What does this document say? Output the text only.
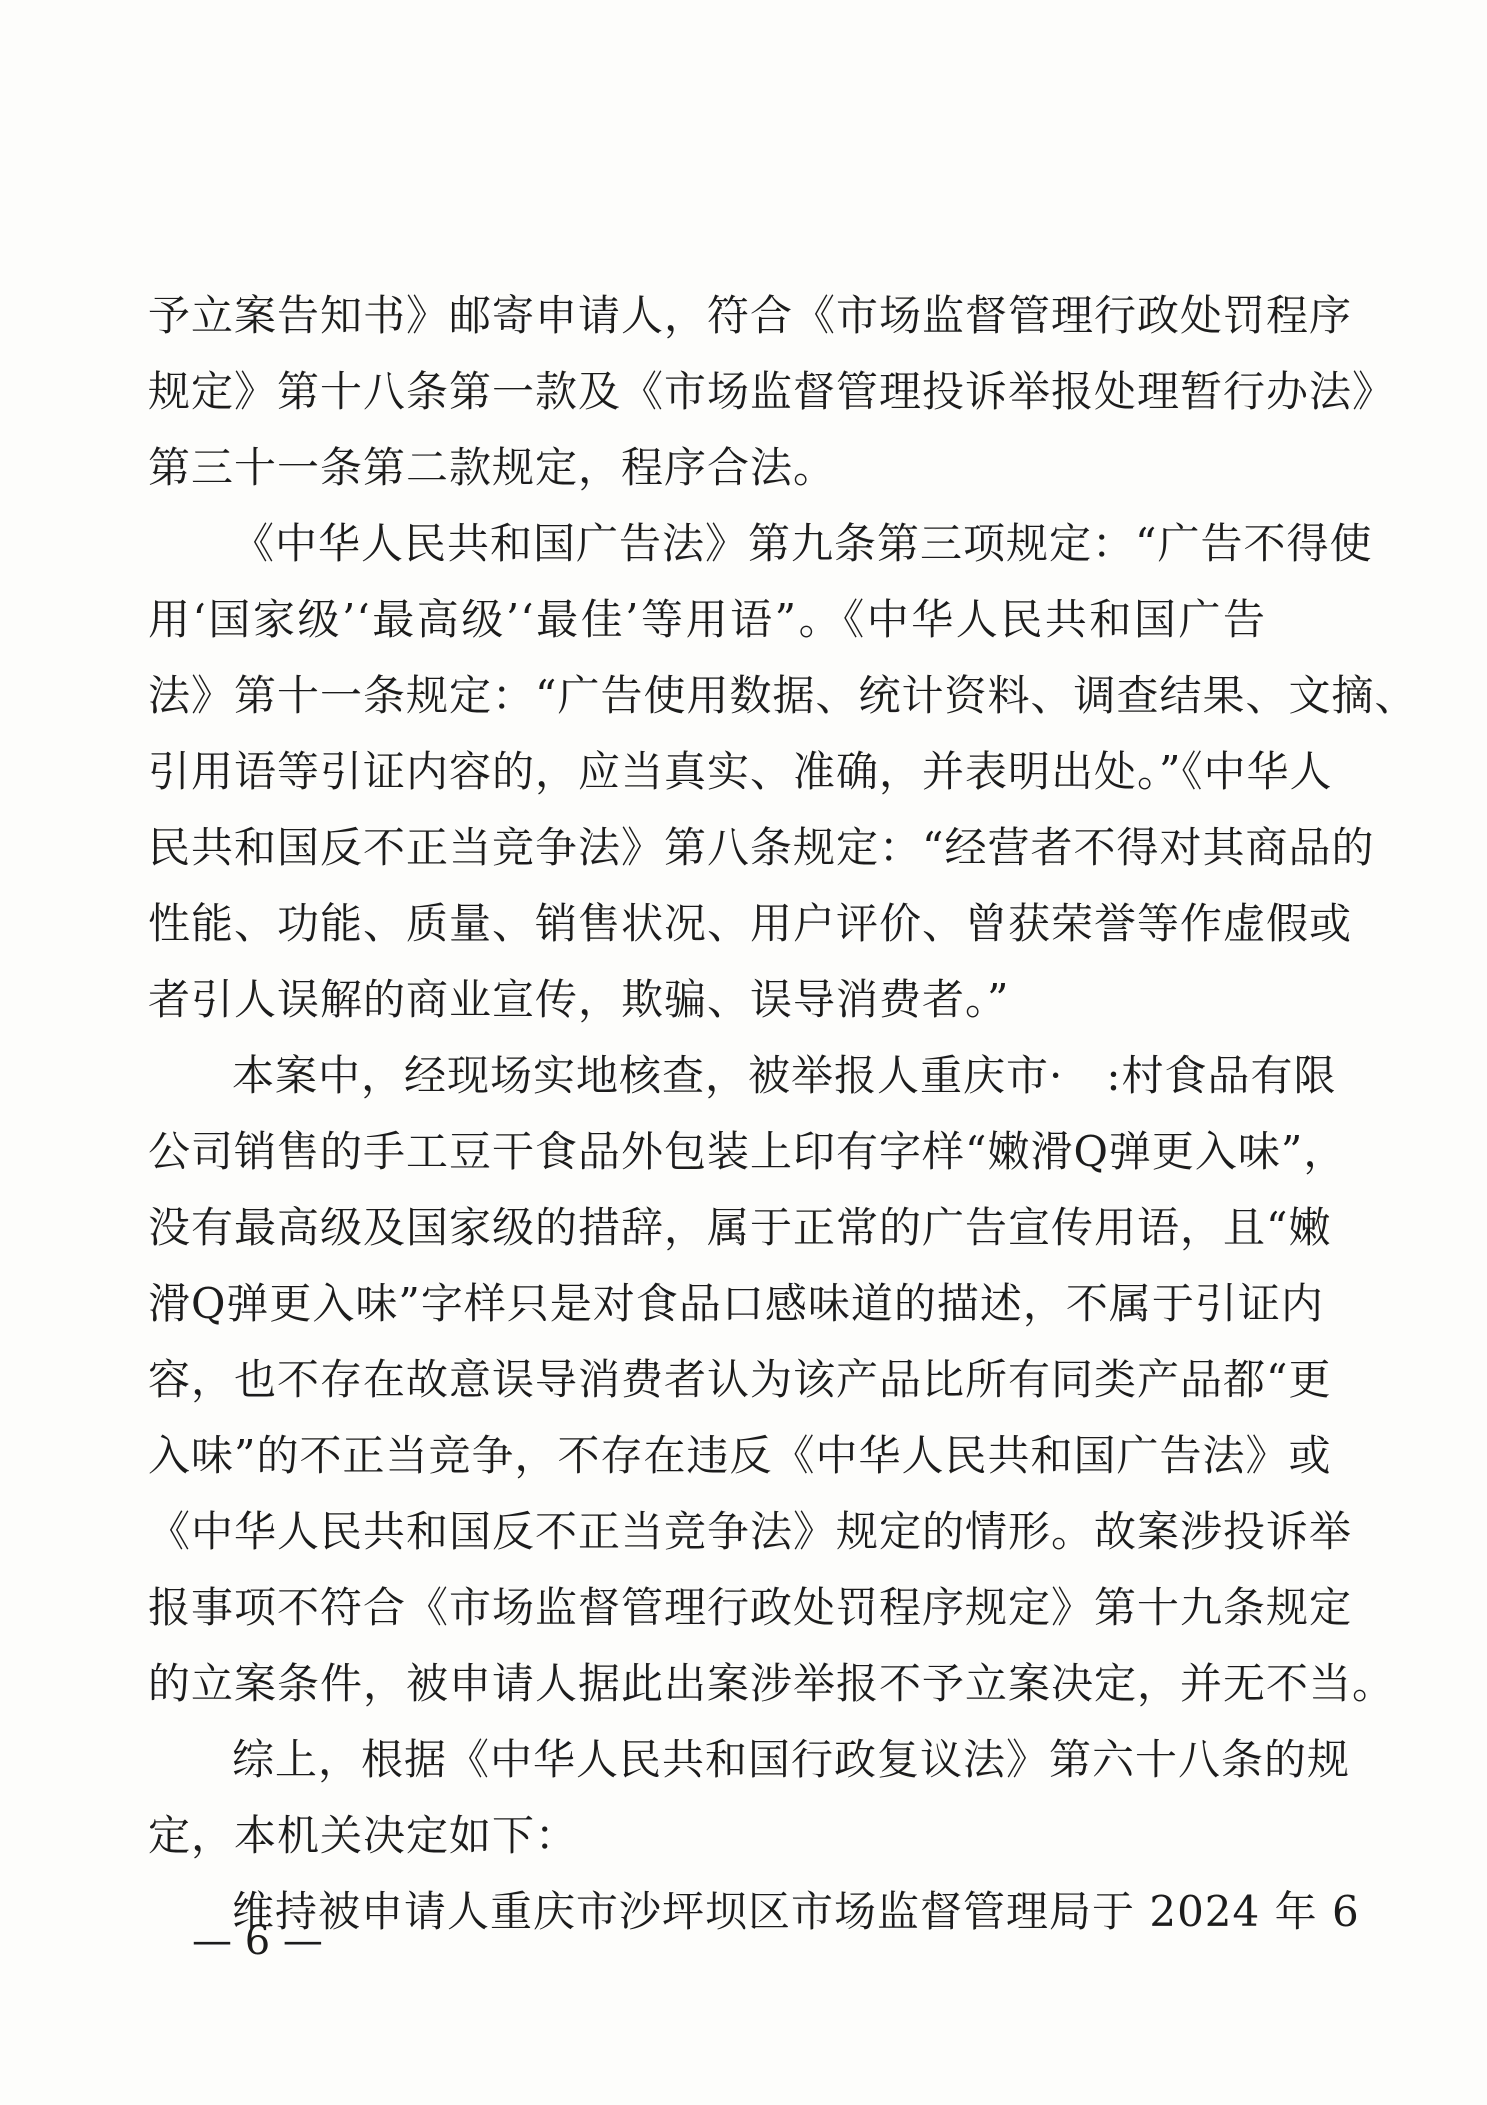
予立案告知书》邮寄申请人，符合《市场监督管理行政处罚程序
规定》第十八条第一款及《市场监督管理投诉举报处理暂行办法》
第三十一条第二款规定，程序合法。
《中华人民共和国广告法》第九条第三项规定：“广告不得使
用‘国家级’‘最高级’‘最佳’等用语”。《中华人民共和国广告
法》第十一条规定：“广告使用数据、统计资料、调查结果、文摘、
引用语等引证内容的，应当真实、准确，并表明出处。”《中华人
民共和国反不正当竞争法》第八条规定：“经营者不得对其商品的
性能、功能、质量、销售状况、用户评价、曾获荣誉等作虚假或
者引人误解的商业宣传，欺骗、误导消费者。”
本案中，经现场实地核查，被举报人重庆市·　:村食品有限
公司销售的手工豆干食品外包装上印有字样“嫩滑Q弹更入味”，
没有最高级及国家级的措辞，属于正常的广告宣传用语，且“嫩
滑Q弹更入味”字样只是对食品口感味道的描述，不属于引证内
容，也不存在故意误导消费者认为该产品比所有同类产品都“更
入味”的不正当竞争，不存在违反《中华人民共和国广告法》或
《中华人民共和国反不正当竞争法》规定的情形。故案涉投诉举
报事项不符合《市场监督管理行政处罚程序规定》第十九条规定
的立案条件，被申请人据此出案涉举报不予立案决定，并无不当。
综上，根据《中华人民共和国行政复议法》第六十八条的规
定，本机关决定如下：
维持被申请人重庆市沙坪坝区市场监督管理局于 2024 年 6
— 6 —
